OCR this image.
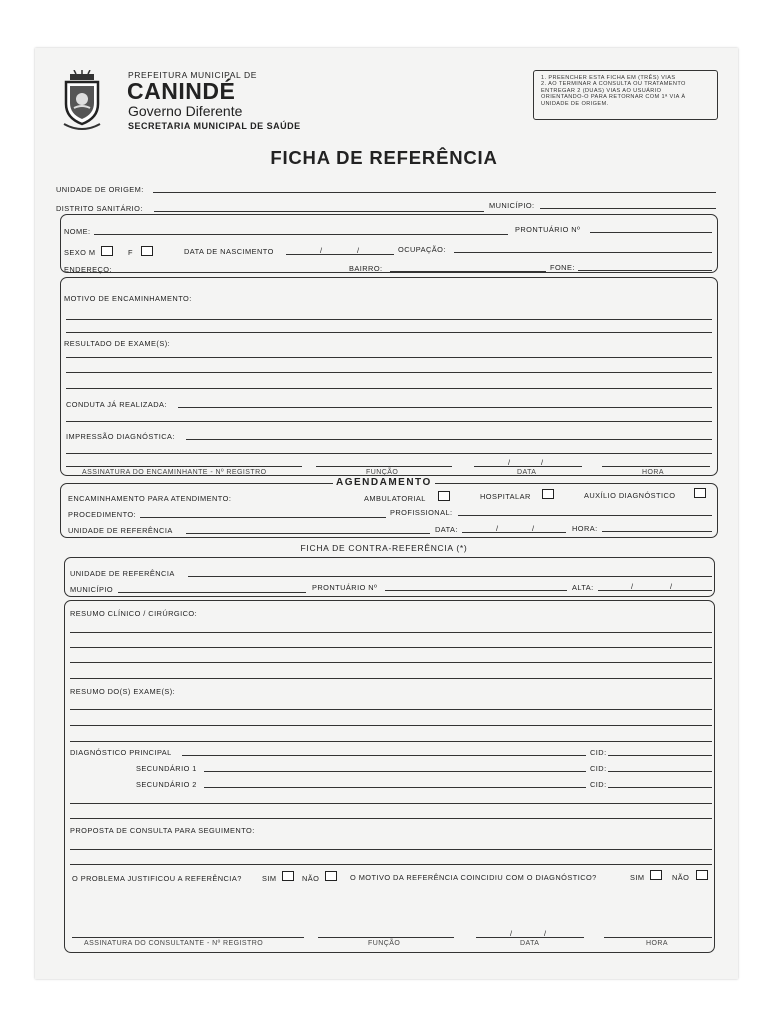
PREFEITURA MUNICIPAL DE
CANINDÉ
Governo Diferente
SECRETARIA MUNICIPAL DE SAÚDE
1. PREENCHER ESTA FICHA EM (TRÊS) VIAS
2. AO TERMINAR A CONSULTA OU TRATAMENTO
ENTREGAR 2 (DUAS) VIAS AO USUÁRIO
ORIENTANDO-O PARA RETORNAR COM 1ª VIA À
UNIDADE DE ORIGEM.
FICHA DE REFERÊNCIA
UNIDADE DE ORIGEM:
DISTRITO SANITÁRIO:	MUNICÍPIO:
NOME:	PRONTUÁRIO Nº
SEXO M	F	DATA DE NASCIMENTO	/	/	OCUPAÇÃO:
ENDEREÇO:	BAIRRO:	FONE:
MOTIVO DE ENCAMINHAMENTO:
RESULTADO DE EXAME(S):
CONDUTA JÁ REALIZADA:
IMPRESSÃO DIAGNÓSTICA:
ASSINATURA DO ENCAMINHANTE - Nº REGISTRO	FUNÇÃO
/	/
DATA	HORA
AGENDAMENTO
ENCAMINHAMENTO PARA ATENDIMENTO:	AMBULATORIAL	HOSPITALAR	AUXÍLIO DIAGNÓSTICO
PROCEDIMENTO:	PROFISSIONAL:
UNIDADE DE REFERÊNCIA	DATA:	/	/	HORA:
FICHA DE CONTRA-REFERÊNCIA (*)
UNIDADE DE REFERÊNCIA
MUNICÍPIO	PRONTUÁRIO Nº	ALTA:	/	/
RESUMO CLÍNICO / CIRÚRGICO:
RESUMO DO(S) EXAME(S):
DIAGNÓSTICO PRINCIPAL	CID:
SECUNDÁRIO 1	CID:
SECUNDÁRIO 2	CID:
PROPOSTA DE CONSULTA PARA SEGUIMENTO:
O PROBLEMA JUSTIFICOU A REFERÊNCIA?	SIM	NÃO	O MOTIVO DA REFERÊNCIA COINCIDIU COM O DIAGNÓSTICO?	SIM	NÃO
ASSINATURA DO CONSULTANTE - Nº REGISTRO	FUNÇÃO
/	/
DATA	HORA
